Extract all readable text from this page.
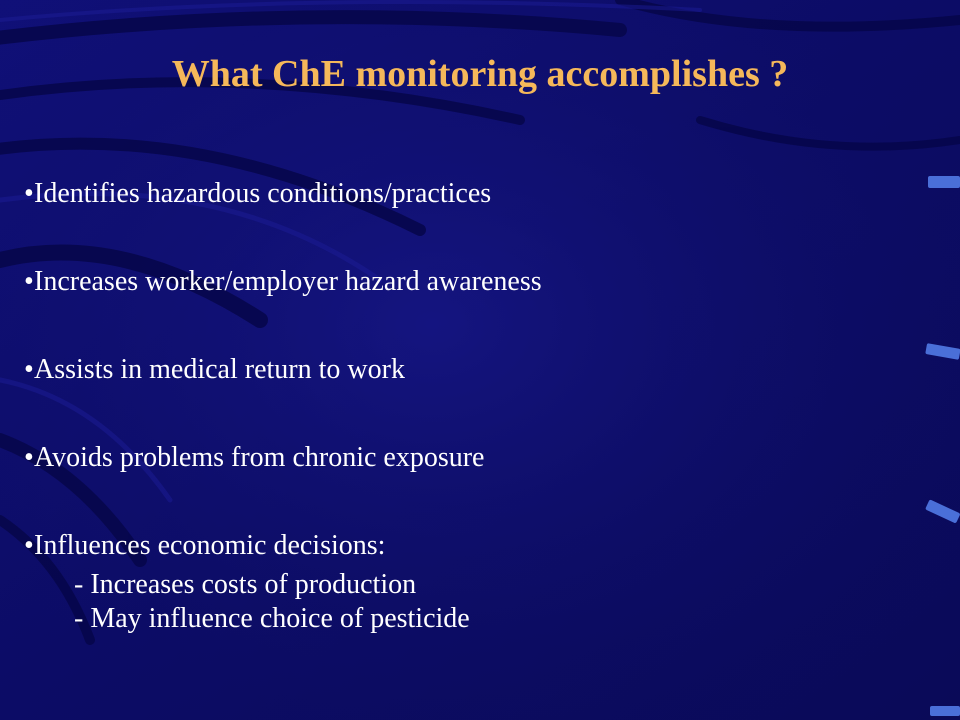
What ChE monitoring accomplishes ?
•Identifies hazardous conditions/practices
•Increases worker/employer hazard awareness
•Assists in medical return to work
•Avoids problems from chronic exposure
•Influences economic decisions:
- Increases costs of production
- May influence choice of pesticide
